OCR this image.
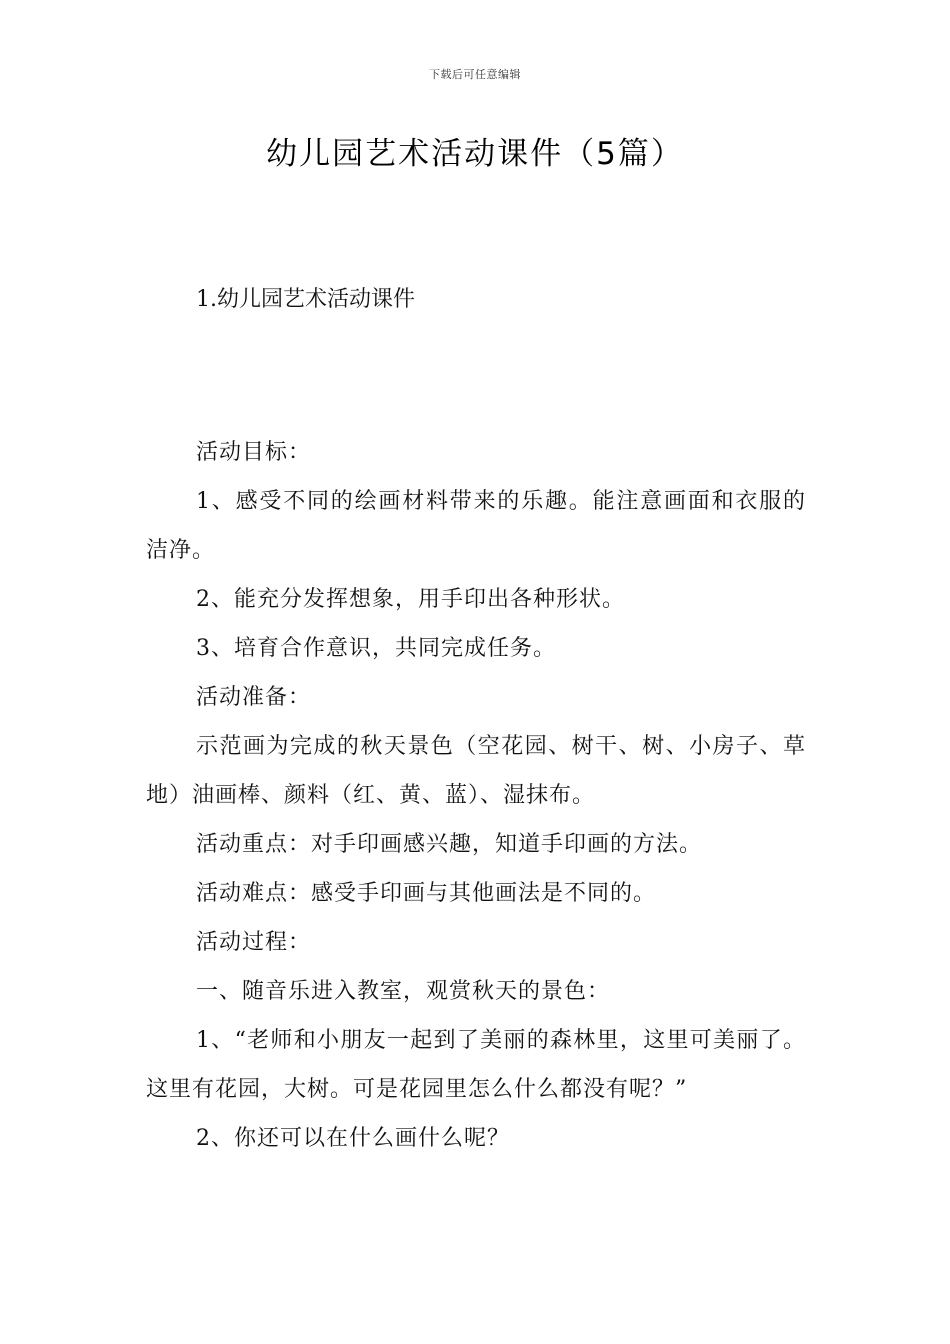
下载后可任意编辑
幼儿园艺术活动课件（5篇）
1.幼儿园艺术活动课件

活动目标：

1、感受不同的绘画材料带来的乐趣。能注意画面和衣服的洁净。

2、能充分发挥想象，用手印出各种形状。

3、培育合作意识，共同完成任务。

活动准备：

示范画为完成的秋天景色（空花园、树干、树、小房子、草地）油画棒、颜料（红、黄、蓝）、湿抹布。

活动重点：对手印画感兴趣，知道手印画的方法。

活动难点：感受手印画与其他画法是不同的。

活动过程：

一、随音乐进入教室，观赏秋天的景色：

1、“老师和小朋友一起到了美丽的森林里，这里可美丽了。这里有花园，大树。可是花园里怎么什么都没有呢？”

2、你还可以在什么画什么呢？
